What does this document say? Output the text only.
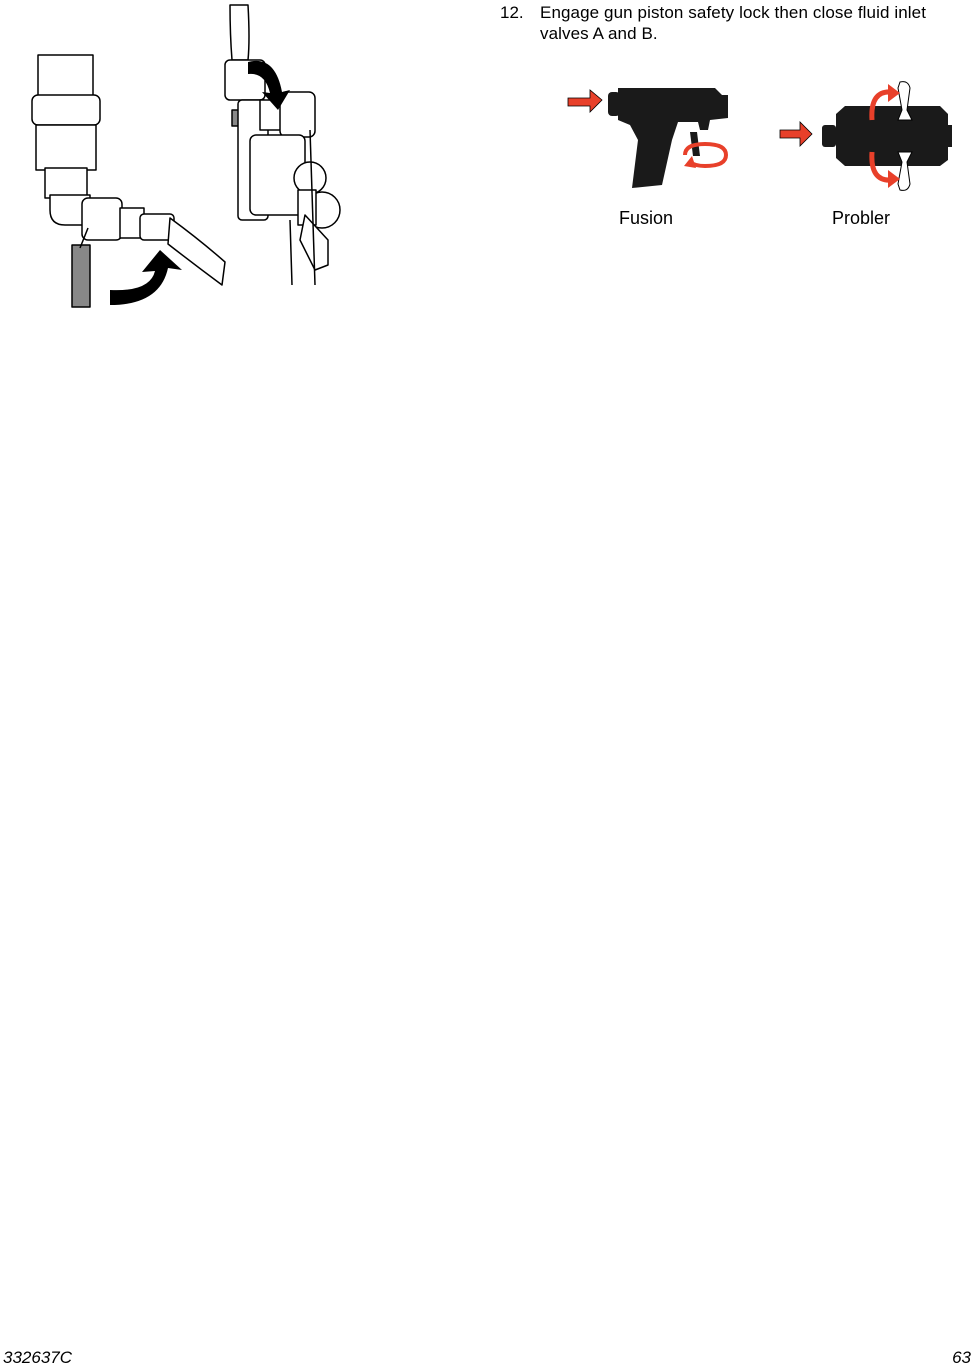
12. Engage gun piston safety lock then close fluid inlet valves A and B.
Fusion	Probler
332637C	63
